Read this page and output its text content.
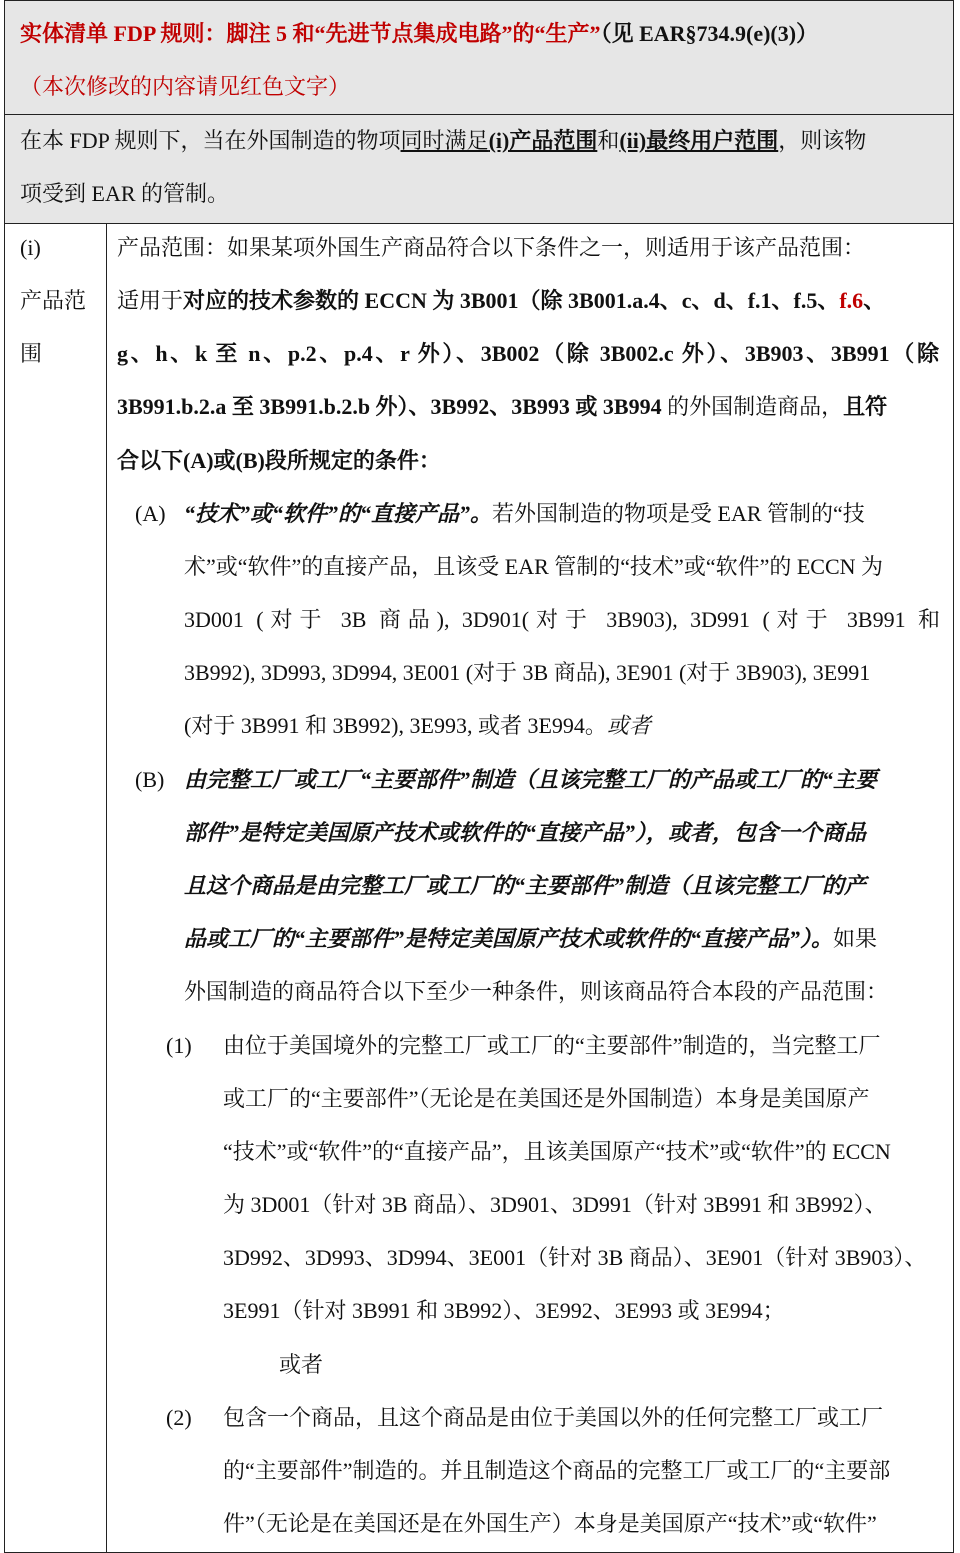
实体清单 FDP 规则：脚注 5 和“先进节点集成电路”的“生产”（见 EAR§734.9(e)(3)）
（本次修改的内容请见红色文字）
在本 FDP 规则下，当在外国制造的物项同时满足(i)产品范围和(ii)最终用户范围，则该物
项受到 EAR 的管制。
(i)
产品范
围
产品范围：如果某项外国生产商品符合以下条件之一，则适用于该产品范围：
适用于对应的技术参数的 ECCN 为 3B001（除 3B001.a.4、c、d、f.1、f.5、f.6、
g、h、k 至 n、p.2、p.4、r 外）、3B002（除 3B002.c 外）、3B903、3B991（除
3B991.b.2.a 至 3B991.b.2.b 外）、3B992、3B993 或 3B994 的外国制造商品，且符
合以下(A)或(B)段所规定的条件：
(A) “技术”或“软件”的“直接产品”。若外国制造的物项是受 EAR 管制的“技
术”或“软件”的直接产品，且该受 EAR 管制的“技术”或“软件”的 ECCN 为
3D001 (对于 3B 商品), 3D901(对于 3B903), 3D991 (对于 3B991 和
3B992), 3D993, 3D994, 3E001 (对于 3B 商品), 3E901 (对于 3B903), 3E991
(对于 3B991 和 3B992), 3E993, 或者 3E994。或者
(B) 由完整工厂或工厂“主要部件”制造（且该完整工厂的产品或工厂的“主要
部件”是特定美国原产技术或软件的“直接产品”），或者，包含一个商品
且这个商品是由完整工厂或工厂的“主要部件”制造（且该完整工厂的产
品或工厂的“主要部件”是特定美国原产技术或软件的“直接产品”）。如果
外国制造的商品符合以下至少一种条件，则该商品符合本段的产品范围：
(1) 由位于美国境外的完整工厂或工厂的“主要部件”制造的，当完整工厂
或工厂的“主要部件”（无论是在美国还是外国制造）本身是美国原产
“技术”或“软件”的“直接产品”，且该美国原产“技术”或“软件”的 ECCN
为 3D001（针对 3B 商品）、3D901、3D991（针对 3B991 和 3B992）、
3D992、3D993、3D994、3E001（针对 3B 商品）、3E901（针对 3B903）、
3E991（针对 3B991 和 3B992）、3E992、3E993 或 3E994；
或者
(2) 包含一个商品，且这个商品是由位于美国以外的任何完整工厂或工厂
的“主要部件”制造的。并且制造这个商品的完整工厂或工厂的“主要部
件”（无论是在美国还是在外国生产）本身是美国原产“技术”或“软件”
